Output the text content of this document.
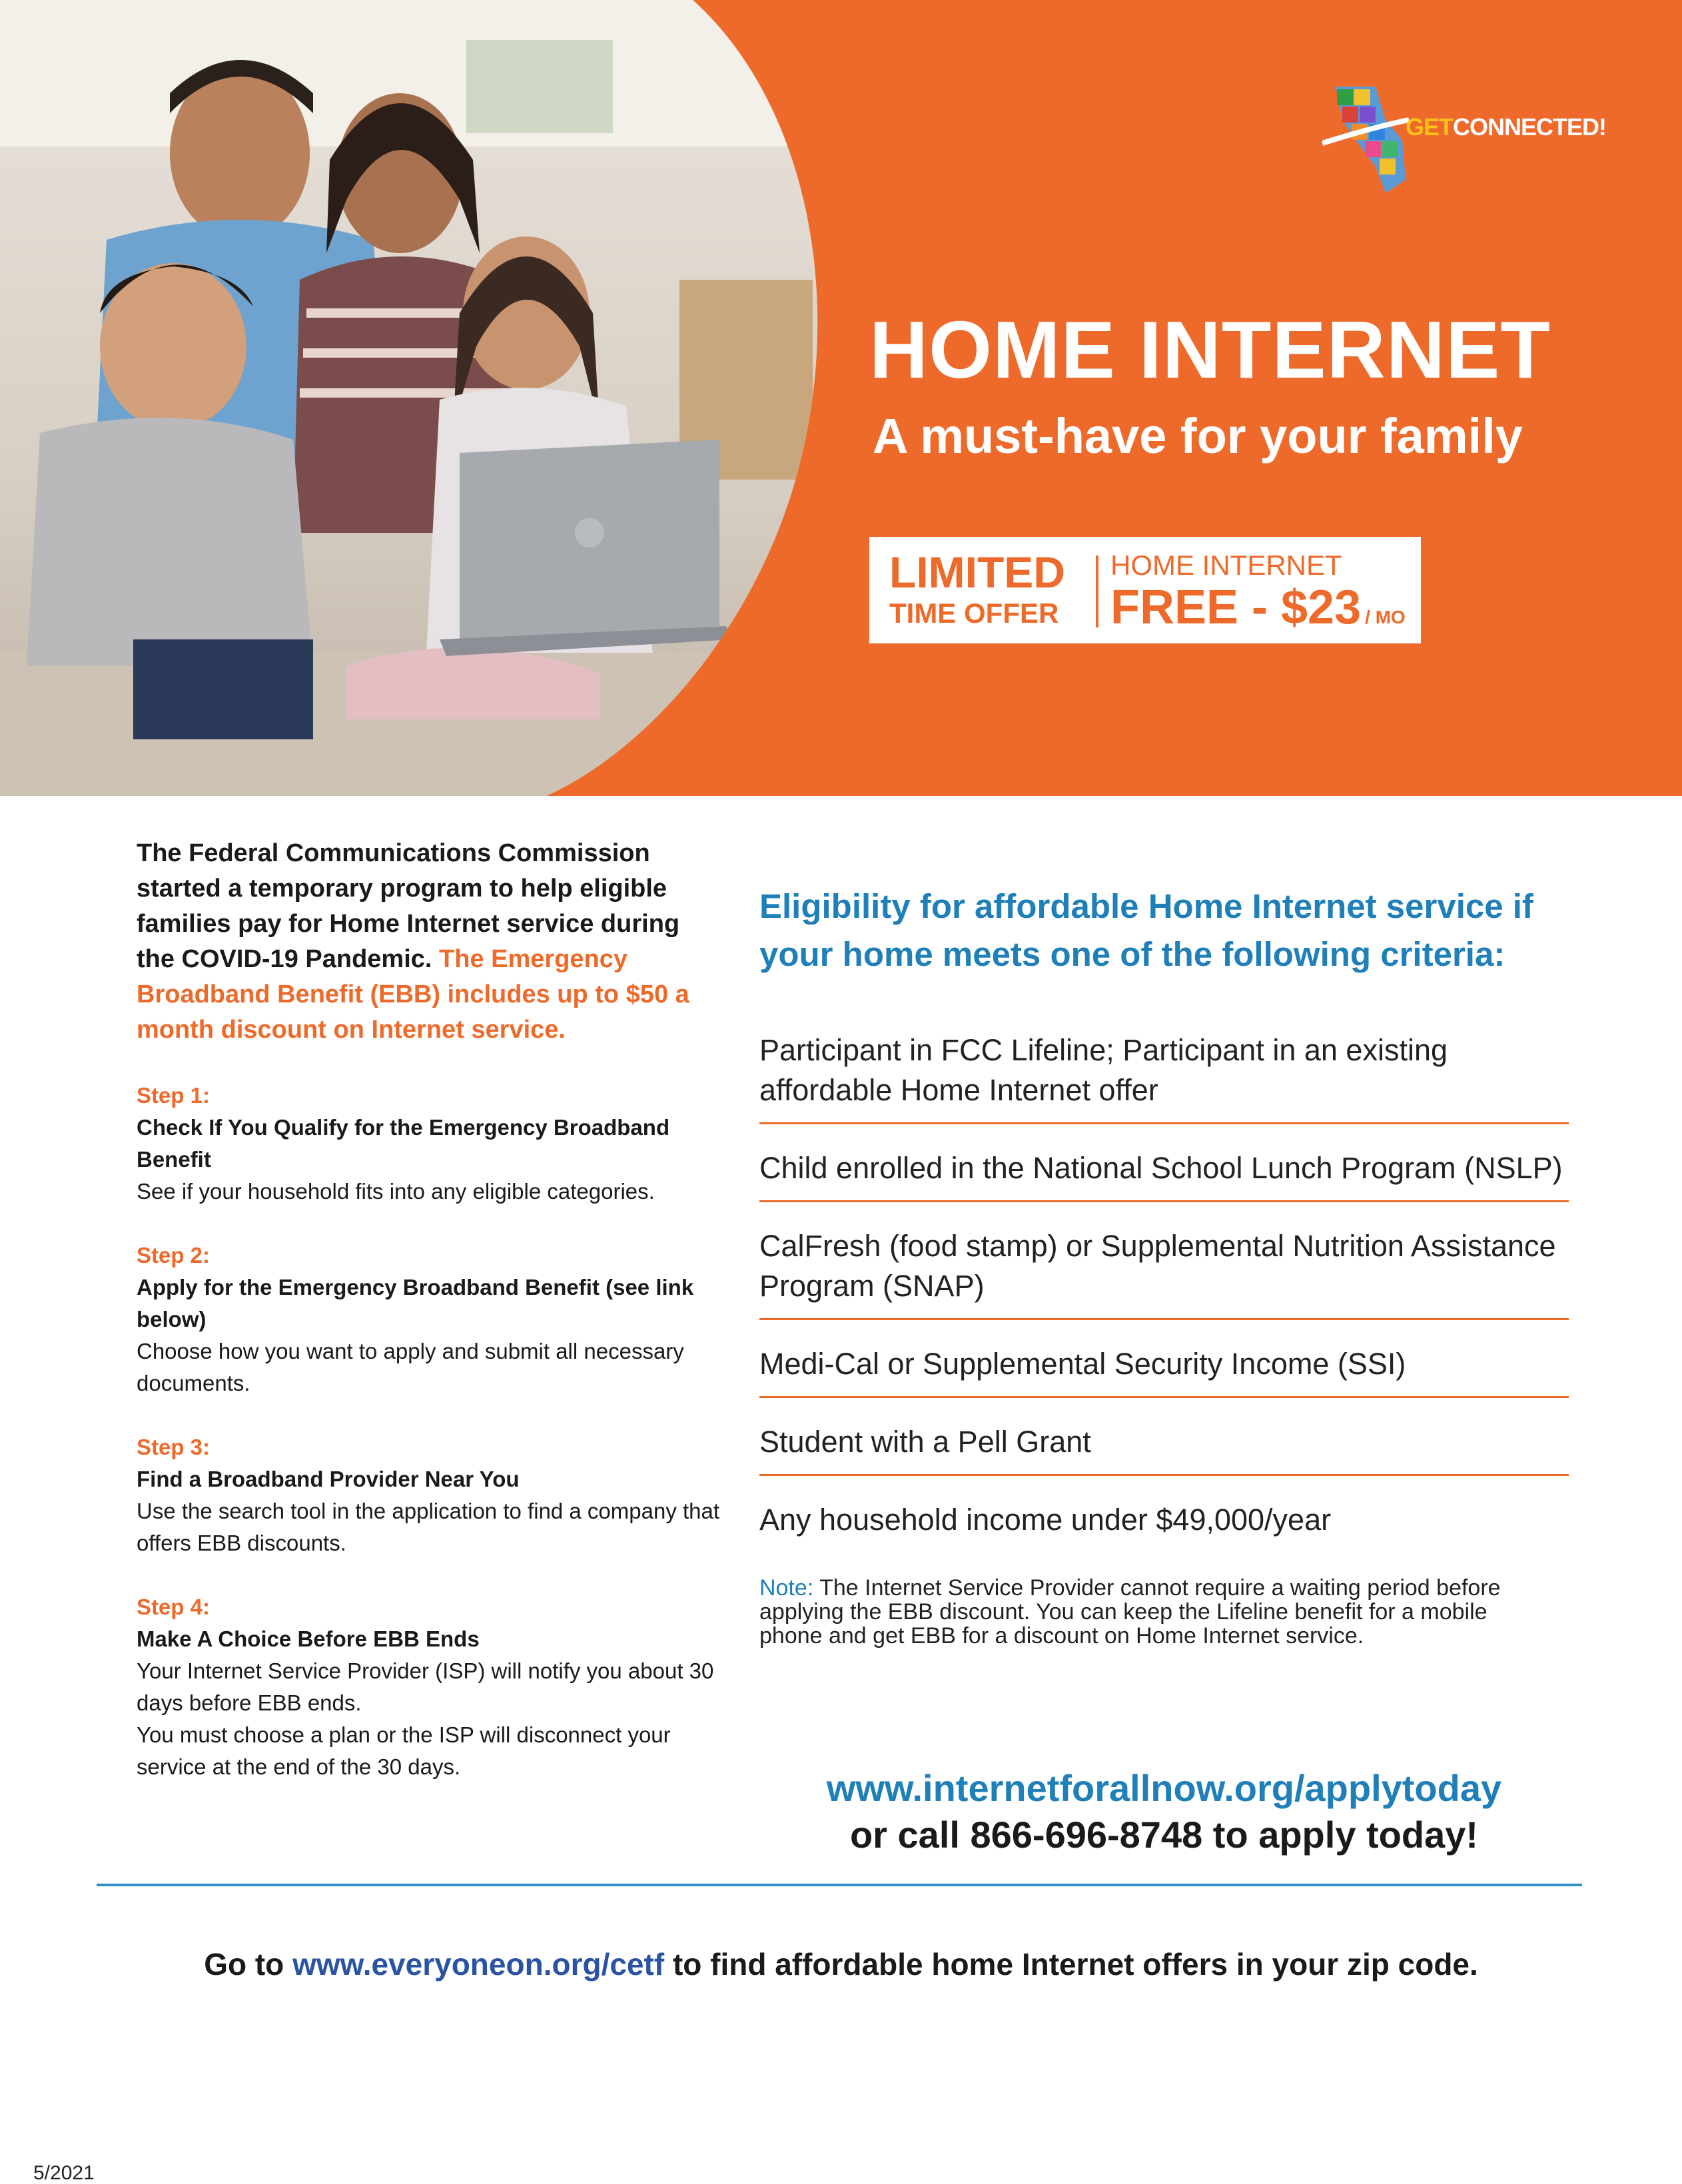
GETCONNECTED!
HOME INTERNET
A must-have for your family
LIMITED
TIME OFFER
HOME INTERNET
FREE - $23 / MO

The Federal Communications Commission started a temporary program to help eligible families pay for Home Internet service during the COVID-19 Pandemic. The Emergency Broadband Benefit (EBB) includes up to $50 a month discount on Internet service.

Step 1:
Check If You Qualify for the Emergency Broadband Benefit
See if your household fits into any eligible categories.
Step 2:
Apply for the Emergency Broadband Benefit (see link below)
Choose how you want to apply and submit all necessary documents.
Step 3:
Find a Broadband Provider Near You
Use the search tool in the application to find a company that offers EBB discounts.
Step 4:
Make A Choice Before EBB Ends
Your Internet Service Provider (ISP) will notify you about 30 days before EBB ends.
You must choose a plan or the ISP will disconnect your service at the end of the 30 days.

Eligibility for affordable Home Internet service if your home meets one of the following criteria:

Participant in FCC Lifeline; Participant in an existing affordable Home Internet offer
Child enrolled in the National School Lunch Program (NSLP)
CalFresh (food stamp) or Supplemental Nutrition Assistance Program (SNAP)
Medi-Cal or Supplemental Security Income (SSI)
Student with a Pell Grant
Any household income under $49,000/year
Note: The Internet Service Provider cannot require a waiting period before applying the EBB discount. You can keep the Lifeline benefit for a mobile phone and get EBB for a discount on Home Internet service.
www.internetforallnow.org/applytoday
or call 866-696-8748 to apply today!
Go to www.everyoneon.org/cetf to find affordable home Internet offers in your zip code.
5/2021
